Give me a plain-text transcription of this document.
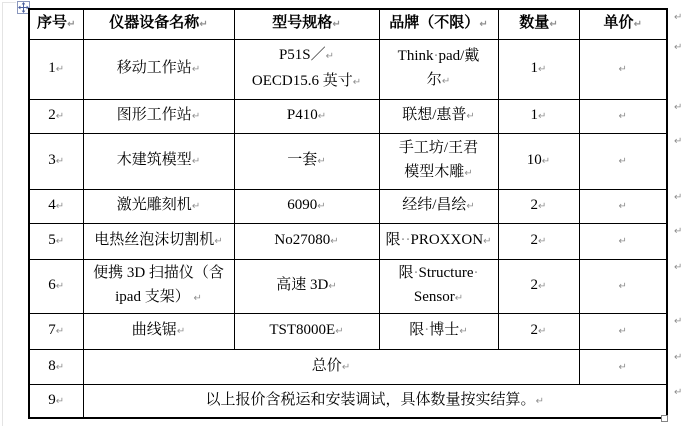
序号↵	仪器设备名称↵	型号规格↵	品牌（不限）↵	数量↵	单价↵
1↵	移动工作站↵	P51S／↵
OECD15.6 英寸↵	Think·pad/戴
尔↵	1↵	↵
2↵	图形工作站↵	P410↵	联想/惠普↵	1↵	↵
3↵	木建筑模型↵	一套↵	手工坊/王君
模型木雕↵	10↵	↵
4↵	激光雕刻机↵	6090↵	经纬/昌绘↵	2↵	↵
5↵	电热丝泡沫切割机↵	No27080↵	限··PROXXON↵	2↵	↵
6↵	便携 3D 扫描仪（含
ipad 支架） ↵	高速 3D↵	限·Structure·
Sensor↵	2↵	↵
7↵	曲线锯↵	TST8000E↵	限·博士↵	2↵	↵
8↵	总价↵				↵
9↵	以上报价含税运和安装调试，具体数量按实结算。↵				
↵
↵
↵
↵
↵
↵
↵
↵
↵
↵
